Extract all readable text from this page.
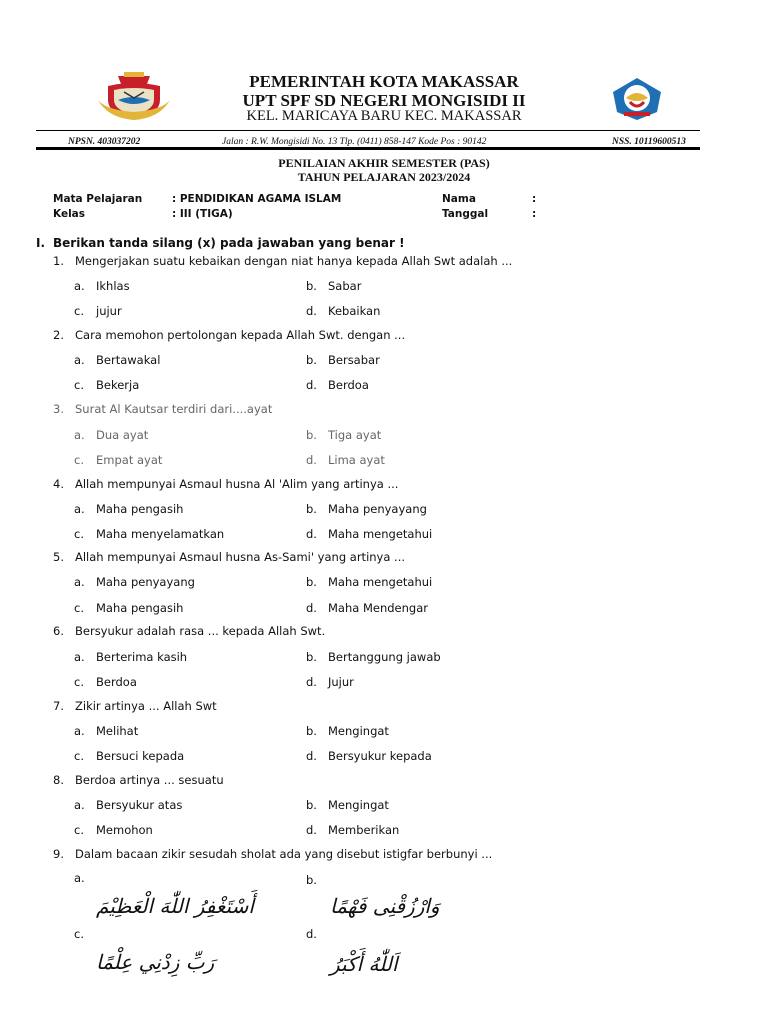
PEMERINTAH KOTA MAKASSAR
UPT SPF SD NEGERI MONGISIDI II
KEL. MARICAYA BARU KEC. MAKASSAR
NPSN. 403037202	Jalan : R.W. Mongisidi No. 13 Tlp. (0411) 858-147 Kode Pos : 90142	NSS. 10119600513
PENILAIAN AKHIR SEMESTER (PAS)
TAHUN PELAJARAN 2023/2024
Mata Pelajaran	: PENDIDIKAN AGAMA ISLAM	Nama	:
Kelas	: III (TIGA)	Tanggal	:
I. Berikan tanda silang (x) pada jawaban yang benar !
1. Mengerjakan suatu kebaikan dengan niat hanya kepada Allah Swt adalah ...
a. Ikhlas	b. Sabar
c. jujur	d. Kebaikan
2. Cara memohon pertolongan kepada Allah Swt. dengan ...
a. Bertawakal	b. Bersabar
c. Bekerja	d. Berdoa
3. Surat Al Kautsar terdiri dari....ayat
a. Dua ayat	b. Tiga ayat
c. Empat ayat	d. Lima ayat
4. Allah mempunyai Asmaul husna Al 'Alim yang artinya ...
a. Maha pengasih	b. Maha penyayang
c. Maha menyelamatkan	d. Maha mengetahui
5. Allah mempunyai Asmaul husna As-Sami' yang artinya ...
a. Maha penyayang	b. Maha mengetahui
c. Maha pengasih	d. Maha Mendengar
6. Bersyukur adalah rasa ... kepada Allah Swt.
a. Berterima kasih	b. Bertanggung jawab
c. Berdoa	d. Jujur
7. Zikir artinya ... Allah Swt
a. Melihat	b. Mengingat
c. Bersuci kepada	d. Bersyukur kepada
8. Berdoa artinya ... sesuatu
a. Bersyukur atas	b. Mengingat
c. Memohon	d. Memberikan
9. Dalam bacaan zikir sesudah sholat ada yang disebut istigfar berbunyi ...
a.	b.
أَسْتَغْفِرُ اللّٰهَ الْعَظِيْمَ	وَارْزُقْنِى فَهْمًا
c.	d.
رَبِّ زِدْنِي عِلْمًا	اَللّٰهُ أَكْبَرُ
